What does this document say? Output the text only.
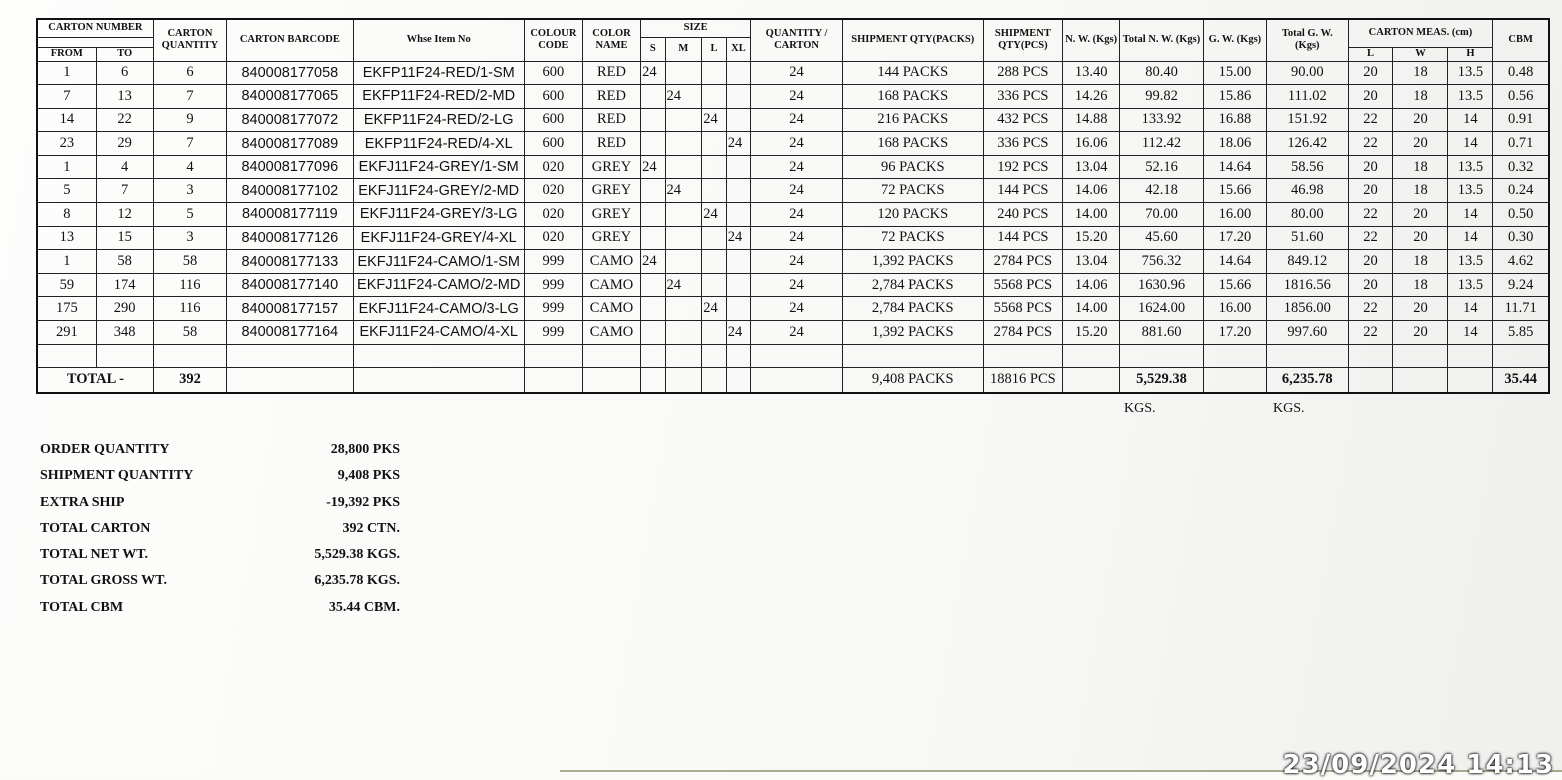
CARTON NUMBER		CARTON QUANTITY	CARTON BARCODE	Whse Item No	COLOUR CODE	COLOR NAME	SIZE				QUANTITY / CARTON	SHIPMENT QTY(PACKS)	SHIPMENT QTY(PCS)	N. W. (Kgs)	Total N. W. (Kgs)	G. W. (Kgs)	Total G. W. (Kgs)	CARTON MEAS. (cm)			CBM
							S	M	L	XL											
FROM	TO																	L	W	H	
1	6	6	840008177058	EKFP11F24-RED/1-SM	600	RED	24				24	144 PACKS	288 PCS	13.40	80.40	15.00	90.00	20	18	13.5	0.48
7	13	7	840008177065	EKFP11F24-RED/2-MD	600	RED		24			24	168 PACKS	336 PCS	14.26	99.82	15.86	111.02	20	18	13.5	0.56
14	22	9	840008177072	EKFP11F24-RED/2-LG	600	RED			24		24	216 PACKS	432 PCS	14.88	133.92	16.88	151.92	22	20	14	0.91
23	29	7	840008177089	EKFP11F24-RED/4-XL	600	RED				24	24	168 PACKS	336 PCS	16.06	112.42	18.06	126.42	22	20	14	0.71
1	4	4	840008177096	EKFJ11F24-GREY/1-SM	020	GREY	24				24	96 PACKS	192 PCS	13.04	52.16	14.64	58.56	20	18	13.5	0.32
5	7	3	840008177102	EKFJ11F24-GREY/2-MD	020	GREY		24			24	72 PACKS	144 PCS	14.06	42.18	15.66	46.98	20	18	13.5	0.24
8	12	5	840008177119	EKFJ11F24-GREY/3-LG	020	GREY			24		24	120 PACKS	240 PCS	14.00	70.00	16.00	80.00	22	20	14	0.50
13	15	3	840008177126	EKFJ11F24-GREY/4-XL	020	GREY				24	24	72 PACKS	144 PCS	15.20	45.60	17.20	51.60	22	20	14	0.30
1	58	58	840008177133	EKFJ11F24-CAMO/1-SM	999	CAMO	24				24	1,392 PACKS	2784 PCS	13.04	756.32	14.64	849.12	20	18	13.5	4.62
59	174	116	840008177140	EKFJ11F24-CAMO/2-MD	999	CAMO		24			24	2,784 PACKS	5568 PCS	14.06	1630.96	15.66	1816.56	20	18	13.5	9.24
175	290	116	840008177157	EKFJ11F24-CAMO/3-LG	999	CAMO			24		24	2,784 PACKS	5568 PCS	14.00	1624.00	16.00	1856.00	22	20	14	11.71
291	348	58	840008177164	EKFJ11F24-CAMO/4-XL	999	CAMO				24	24	1,392 PACKS	2784 PCS	15.20	881.60	17.20	997.60	22	20	14	5.85

TOTAL -		392										9,408 PACKS	18816 PCS		5,529.38		6,235.78				35.44
KGS.	KGS.
ORDER QUANTITY	28,800 PKS
SHIPMENT QUANTITY	9,408 PKS
EXTRA SHIP	-19,392 PKS
TOTAL CARTON	392 CTN.
TOTAL NET WT.	5,529.38 KGS.
TOTAL GROSS WT.	6,235.78 KGS.
TOTAL CBM	35.44 CBM.
23/09/2024 14:13
